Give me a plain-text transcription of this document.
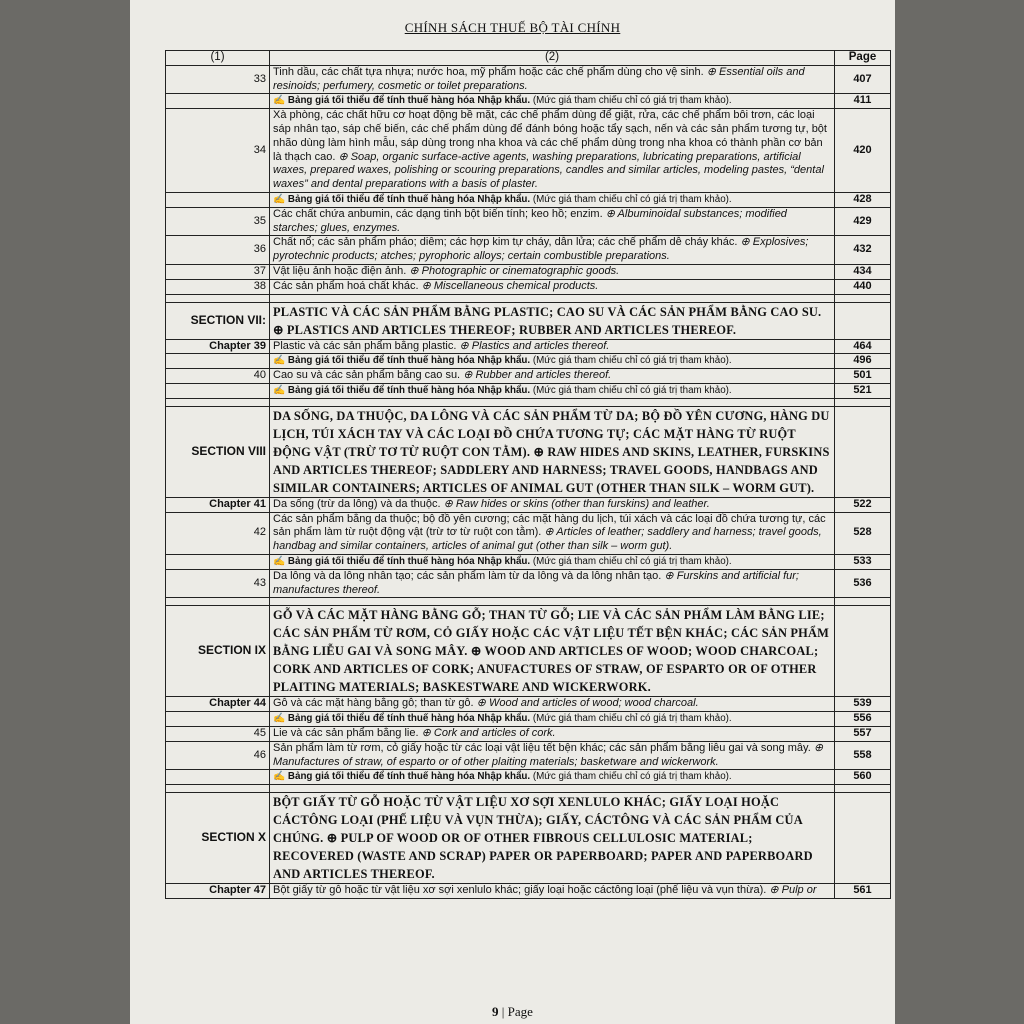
CHÍNH SÁCH THUẾ BỘ TÀI CHÍNH
(1)	(2)	Page
33	Tinh dầu, các chất tựa nhựa; nước hoa, mỹ phẩm hoặc các chế phẩm dùng cho vệ sinh. ⊕ Essential oils and resinoids; perfumery, cosmetic or toilet preparations.	407
	✍ Bảng giá tối thiểu để tính thuế hàng hóa Nhập khẩu. (Mức giá tham chiếu chỉ có giá trị tham khảo).	411
34	Xà phòng, các chất hữu cơ hoạt động bề mặt, các chế phẩm dùng để giặt, rửa, các chế phẩm bôi trơn, các loại sáp nhân tạo, sáp chế biến, các chế phẩm dùng để đánh bóng hoặc tẩy sạch, nến và các sản phẩm tương tự, bột nhão dùng làm hình mẫu, sáp dùng trong nha khoa và các chế phẩm dùng trong nha khoa có thành phần cơ bản là thạch cao. ⊕ Soap, organic surface-active agents, washing preparations, lubricating preparations, artificial waxes, prepared waxes, polishing or scouring preparations, candles and similar articles, modeling pastes, “dental waxes” and dental preparations with a basis of plaster.	420
	✍ Bảng giá tối thiểu để tính thuế hàng hóa Nhập khẩu. (Mức giá tham chiếu chỉ có giá trị tham khảo).	428
35	Các chất chứa anbumin, các dạng tinh bột biến tính; keo hồ; enzim. ⊕ Albuminoidal substances; modified starches; glues, enzymes.	429
36	Chất nổ; các sản phẩm pháo; diêm; các hợp kim tự cháy, dẫn lửa; các chế phẩm dễ cháy khác. ⊕ Explosives; pyrotechnic products; atches; pyrophoric alloys; certain combustible preparations.	432
37	Vật liệu ảnh hoặc điện ảnh. ⊕ Photographic or cinematographic goods.	434
38	Các sản phẩm hoá chất khác. ⊕ Miscellaneous chemical products.	440

SECTION VII:	PLASTIC VÀ CÁC SẢN PHẨM BẰNG PLASTIC; CAO SU VÀ CÁC SẢN PHẨM BẰNG CAO SU. ⊕ PLASTICS AND ARTICLES THEREOF; RUBBER AND ARTICLES THEREOF.	
Chapter 39	Plastic và các sản phẩm bằng plastic. ⊕ Plastics and articles thereof.	464
	✍ Bảng giá tối thiểu để tính thuế hàng hóa Nhập khẩu. (Mức giá tham chiếu chỉ có giá trị tham khảo).	496
40	Cao su và các sản phẩm bằng cao su. ⊕ Rubber and articles thereof.	501
	✍ Bảng giá tối thiểu để tính thuế hàng hóa Nhập khẩu. (Mức giá tham chiếu chỉ có giá trị tham khảo).	521

SECTION VIII	DA SỐNG, DA THUỘC, DA LÔNG VÀ CÁC SẢN PHẨM TỪ DA; BỘ ĐỒ YÊN CƯƠNG, HÀNG DU LỊCH, TÚI XÁCH TAY VÀ CÁC LOẠI ĐỒ CHỨA TƯƠNG TỰ; CÁC MẶT HÀNG TỪ RUỘT ĐỘNG VẬT (TRỪ TƠ TỪ RUỘT CON TẰM). ⊕ RAW HIDES AND SKINS, LEATHER, FURSKINS AND ARTICLES THEREOF; SADDLERY AND HARNESS; TRAVEL GOODS, HANDBAGS AND SIMILAR CONTAINERS; ARTICLES OF ANIMAL GUT (OTHER THAN SILK – WORM GUT).	
Chapter 41	Da sống (trừ da lông) và da thuộc. ⊕ Raw hides or skins (other than furskins) and leather.	522
42	Các sản phẩm bằng da thuộc; bộ đồ yên cương; các mặt hàng du lịch, túi xách và các loại đồ chứa tương tự, các sản phẩm làm từ ruột động vật (trừ tơ từ ruột con tằm). ⊕ Articles of leather; saddlery and harness; travel goods, handbag and similar containers, articles of animal gut (other than silk – worm gut).	528
	✍ Bảng giá tối thiểu để tính thuế hàng hóa Nhập khẩu. (Mức giá tham chiếu chỉ có giá trị tham khảo).	533
43	Da lông và da lông nhân tạo; các sản phẩm làm từ da lông và da lông nhân tạo. ⊕ Furskins and artificial fur; manufactures thereof.	536

SECTION IX	GỖ VÀ CÁC MẶT HÀNG BẰNG GỖ; THAN TỪ GỖ; LIE VÀ CÁC SẢN PHẨM LÀM BẰNG LIE; CÁC SẢN PHẨM TỪ RƠM, CỎ GIẤY HOẶC CÁC VẬT LIỆU TẾT BỆN KHÁC; CÁC SẢN PHẨM BẰNG LIỄU GAI VÀ SONG MÂY. ⊕ WOOD AND ARTICLES OF WOOD; WOOD CHARCOAL; CORK AND ARTICLES OF CORK; ANUFACTURES OF STRAW, OF ESPARTO OR OF OTHER PLAITING MATERIALS; BASKESTWARE AND WICKERWORK.	
Chapter 44	Gỗ và các mặt hàng bằng gỗ; than từ gỗ. ⊕ Wood and articles of wood; wood charcoal.	539
	✍ Bảng giá tối thiểu để tính thuế hàng hóa Nhập khẩu. (Mức giá tham chiếu chỉ có giá trị tham khảo).	556
45	Lie và các sản phẩm bằng lie. ⊕ Cork and articles of cork.	557
46	Sản phẩm làm từ rơm, cỏ giấy hoặc từ các loại vật liệu tết bện khác; các sản phẩm bằng liễu gai và song mây. ⊕ Manufactures of straw, of esparto or of other plaiting materials; basketware and wickerwork.	558
	✍ Bảng giá tối thiểu để tính thuế hàng hóa Nhập khẩu. (Mức giá tham chiếu chỉ có giá trị tham khảo).	560

SECTION X	BỘT GIẤY TỪ GỖ HOẶC TỪ VẬT LIỆU XƠ SỢI XENLULO KHÁC; GIẤY LOẠI HOẶC CÁCTÔNG LOẠI (PHẾ LIỆU VÀ VỤN THỪA); GIẤY, CÁCTÔNG VÀ CÁC SẢN PHẨM CỦA CHÚNG. ⊕ PULP OF WOOD OR OF OTHER FIBROUS CELLULOSIC MATERIAL; RECOVERED (WASTE AND SCRAP) PAPER OR PAPERBOARD; PAPER AND PAPERBOARD AND ARTICLES THEREOF.	
Chapter 47	Bột giấy từ gỗ hoặc từ vật liệu xơ sợi xenlulo khác; giấy loại hoặc cáctông loại (phế liệu và vụn thừa). ⊕ Pulp or	561
9 | Page
